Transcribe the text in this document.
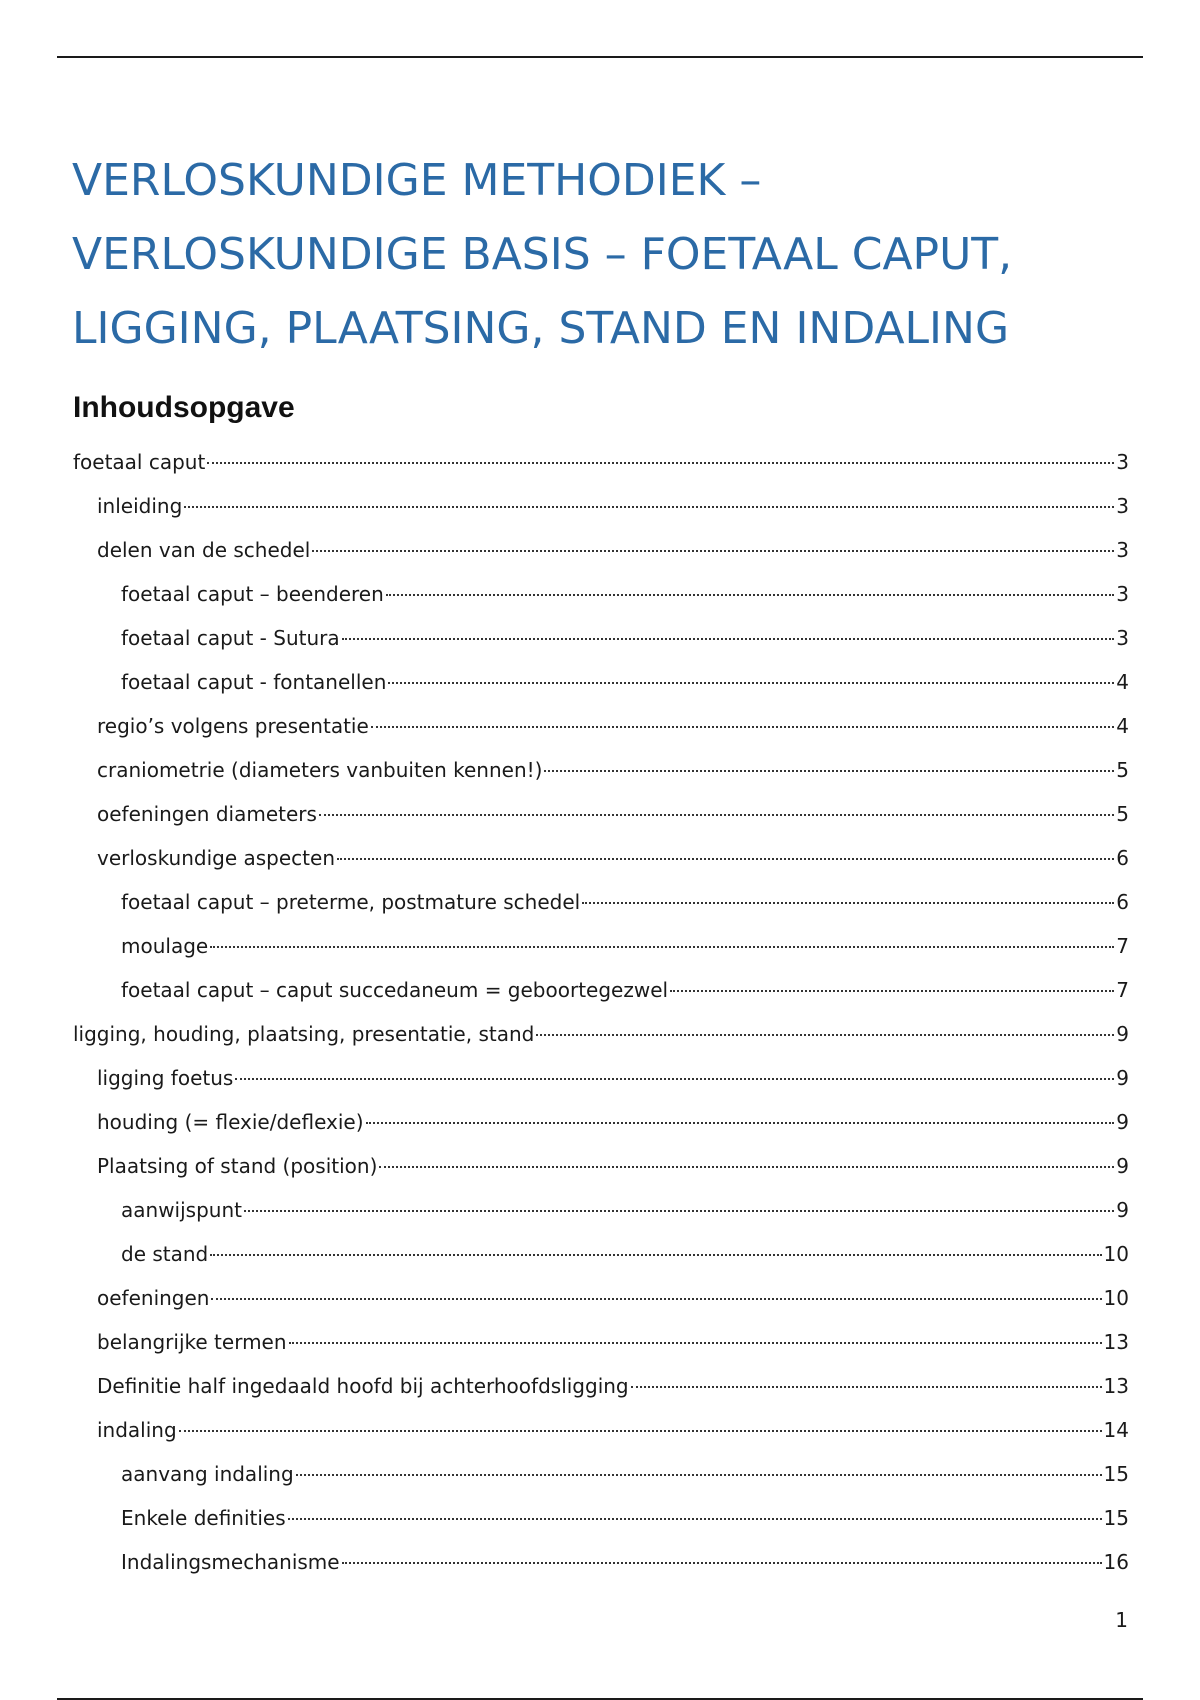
VERLOSKUNDIGE METHODIEK –
VERLOSKUNDIGE BASIS – FOETAAL CAPUT,
LIGGING, PLAATSING, STAND EN INDALING
Inhoudsopgave
foetaal caput	3
inleiding	3
delen van de schedel	3
foetaal caput – beenderen	3
foetaal caput - Sutura	3
foetaal caput - fontanellen	4
regio’s volgens presentatie	4
craniometrie (diameters vanbuiten kennen!)	5
oefeningen diameters	5
verloskundige aspecten	6
foetaal caput – preterme, postmature schedel	6
moulage	7
foetaal caput – caput succedaneum = geboortegezwel	7
ligging, houding, plaatsing, presentatie, stand	9
ligging foetus	9
houding (= flexie/deflexie)	9
Plaatsing of stand (position)	9
aanwijspunt	9
de stand	10
oefeningen	10
belangrijke termen	13
Definitie half ingedaald hoofd bij achterhoofdsligging	13
indaling	14
aanvang indaling	15
Enkele definities	15
Indalingsmechanisme	16
1
